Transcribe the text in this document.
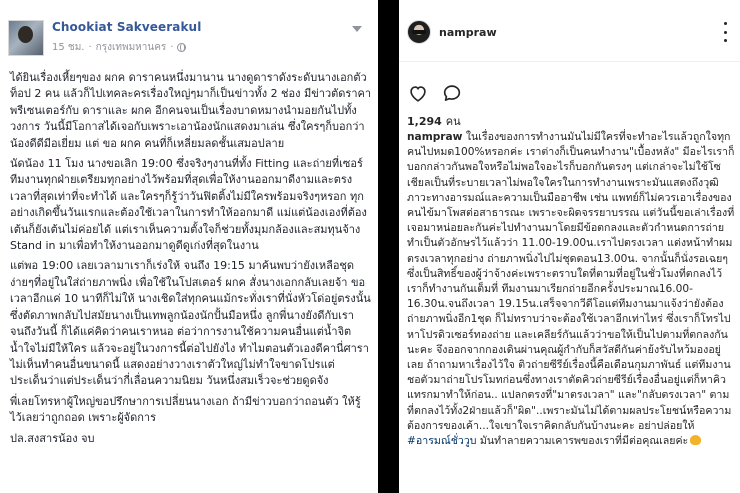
Chookiat Sakveerakul
15 ชม. · กรุงเทพมหานคร ·

ได้ยินเรื่องเหี้ยๆของ ผกค ดาราคนหนึ่งมานาน นางดูดาราดังระดับนางเอกตัวท็อป 2 คน แล้วก็ไปเทคละครเรื่องใหญ่ๆมาก็เป็นข่าวทั้ง 2 ช่อง มีข่าวตัดราคา พรีเซนเตอร์กับ ดาราและ ผกค อีกคนจนเป็นเรื่องบาดหมางนำมอยกันไปทั้งวงการ วันนี้มีโอกาสได้เจอกับเพราะเอาน้องนักแสดงมาเล่น ซึ่งใครๆก็บอกว่าน้องดีดีมีอเยี่ยม แต่ ขอ ผกค คนที่ก็เหลี่ยมลดชั้นเสมอปลาย

นัดน้อง 11 โมง นางขอเลิก 19:00 ซึ่งจริงๆงานที่ทั้ง Fitting และถ่ายที่เซอร์ทีมงานทุกฝ่ายเตรียมทุกอย่างไว้พร้อมที่สุดเพื่อให้งานออกมาดีงามและตรงเวลาที่สุดเท่าที่จะทำได้ และใครๆก็รู้ว่าวันฟิตติ้งไม่มีใครพร้อมจริงๆหรอก ทุกอย่างเกิดขึ้นวันแรกและต้องใช้เวลาในการทำให้ออกมาดี แม่แต่น้องเองที่ต้องเต้นก็ยังเต้นไม่ค่อยได้ แต่เราเห็นความตั้งใจก็ช่วยทั้งมุมกล้องและสมทุนจ้าง Stand in มาเพื่อทำให้งานออกมาดูดีดูเก่งที่สุดในงาน

แต่พอ 19:00 เลยเวลามาเราก็เร่งให้ จนถึง 19:15 มาค้นพบว่ายังเหลือชุดง่ายๆที่อยู่ในใส่ถ่ายภาพนิ่ง เพื่อใช้ในโปสเตอร์ ผกค สั่งนางเอกกลับเลยจ้า ขอเวลาอีกแค่ 10 นาทีก็ไม่ให้ นางเชิดใส่ทุกคนแม้กระทั่งเราที่นั่งหัวโด่อยู่ตรงนั้น ซึ่งตัดภาพกลับไปสมัยนางเป็นเทพลูกน้องนักปั้นมือหนึ่ง ลูกพี่นางยังดีกับเราจนถึงวันนี้ ก็ได้แค่คิดว่าคนเราหนอ ต่อว่าการงานใช้ความคนอื่นแต่น้ำจิตน้ำใจไม่มีให้ใคร แล้วจะอยู่ในวงการนี้ต่อไปยังไง ทำไมตอนตัวเองดีคานี่ศาราไม่เห็นทำคนอื่นขนาดนี้ แสดงอย่างวางเราตัวใหญ่ไม่ทำใจขาดโปรแต่ประเด็นว่าแต่ประเด็นว่ากี่เลื่อนความนิยม วันหนึ่งสมเร็วจะช่วยดูดจัง

พี่เลยโทรหาผู้ใหญ่ขอปรึกษาการเปลี่ยนนางเอก ถ้ามีข่าวบอกว่าถอนตัว ให้รู้ไว้เลยว่าถูกถอด เพราะผู้จัดการ

ปล.สงสารน้อง จบ

nampraw
1,294 คน
nampraw ในเรื่องของการทำงานมันไม่มีใครที่จะทำอะไรแล้วถูกใจทุกคนไปหมด100%หรอกค่ะ เราต่างก็เป็นคนทำงาน"เบื้องหลัง" มีอะไรเราก็บอกกล่าวกันพอใจหรือไม่พอใจอะไรก็บอกกันตรงๆ แต่เกล่าจะไม่ใช้โซเชียลเป็นที่ระบายเวลาไม่พอใจใครในการทำงานเพราะมันแสดงถึงวุฒิภาวะทางอารมณ์และความเป็นมืออาชีพ เช่น แพทย์ก็ไม่ควรเอาเรื่องของคนไข้มาโพสต่อสาธารณะ เพราะจะผิดจรรยาบรรณ แต่วันนี้ขอเล่าเรื่องที่เจอมาหน่อยละกันค่ะไปทำงานมาโดยมีข้อตกลงและตัวกำหนดการถ่ายทำเป็นตัวอักษรไว้แล้วว่า 11.00-19.00น.เราไปตรงเวลา แต่งหน้าทำผมตรงเวลาทุกอย่าง ถ่ายภาพนิ่งไปไม่ชุดตอน13.00น. จากนั้นก็นั่งรอเฉยๆซึ่งเป็นสิทธิ์ของผู้ว่าจ้างค่ะเพราะตราบใดที่ตามที่อยู่ในชั่วโมงที่ตกลงไว้เราก็ทำงานกันเต็มที่ ทีมงานมาเรียกถ่ายอีกครั้งประมาณ16.00-16.30น.จนถึงเวลา 19.15น.เสร็จจากวีดีโอแต่ทีมงานมาแจ้งว่ายังต้องถ่ายภาพนิ่งอีก1ชุด ก็ไม่ทราบว่าจะต้องใช้เวลาอีกเท่าไหร่ ซึ่งเราก็โทรไปหาโปรดิวเซอร์ทองถ่าย และเคลียร์กันแล้วว่าขอให้เป็นไปตามที่ตกลงกันนะคะ จึงออกจากกองเดินผ่านคุณผู้กำกับก็สวัสดีกันค่าย้งรับไหว้มองอยู่เลย ถ้าถามหาเรื่องไว้ใจ ติวถ่ายซีรีย์เรื่องนี้คือเดือนกุมภาพันธ์ แต่ทีมงานชอตัวมาถ่ายโปรโมทก่อนซึ่งทางเราตัดคิวถ่ายซีรีย์เรื่องอื่นอยู่แต่ก็หาคิวแทรกมาทำให้ก่อน.. แปลกตรงที่"มาตรงเวลา" และ"กลับตรงเวลา" ตามที่ตกลงไว้ทั้ง2ฝ่ายแล้วก็"ผิด"..เพราะมันไม่ได้ตามผลประโยชน์หรือความต้องการของเค้า...ใจเขาใจเราคิดกลับกันบ้างนะคะ อย่าปล่อยให้ #อารมณ์ชั่ววูบ มันทำลายความเคารพของเราที่มีต่อคุณเลยค่ะ
